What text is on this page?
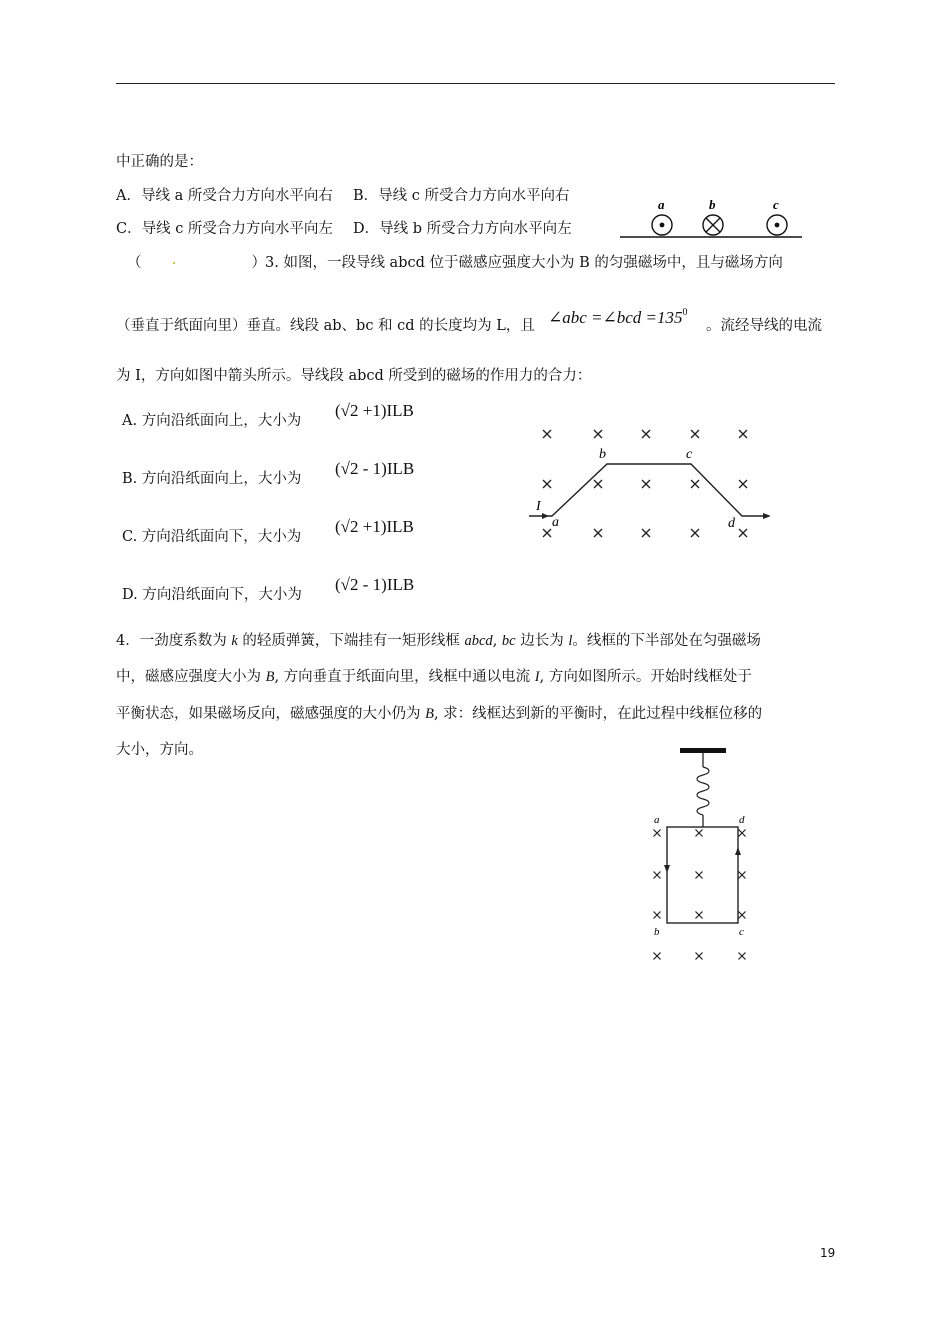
中正确的是：
A．导线 a 所受合力方向水平向右 B．导线 c 所受合力方向水平向右
C．导线 c 所受合力方向水平向左 D．导线 b 所受合力方向水平向左
a	b	c
（	） 3. 如图，一段导线 abcd 位于磁感应强度大小为 B 的匀强磁场中，且与磁场方向
（垂直于纸面向里）垂直。线段 ab、bc 和 cd 的长度均为 L，且 ∠abc =∠bcd $=135^0$
。流经导线的电流
为 I，方向如图中箭头所示。导线段 abcd 所受到的磁场的作用力的合力：
A. 方向沿纸面向上，大小为
(√2 +1)ILB
B. 方向沿纸面向上，大小为
(√2 - 1)ILB
C. 方向沿纸面向下，大小为
(√2 +1)ILB
D. 方向沿纸面向下，大小为
(√2 - 1)ILB
I
b	c
a	d
4．一劲度系数为 k 的轻质弹簧，下端挂有一矩形线框 abcd, bc 边长为 l。线框的下半部处在匀强磁场
中，磁感应强度大小为 B, 方向垂直于纸面向里，线框中通以电流 I, 方向如图所示。开始时线框处于
平衡状态，如果磁场反向，磁感强度的大小仍为 B, 求：线框达到新的平衡时，在此过程中线框位移的
大小，方向。
a	d
b	c
19
